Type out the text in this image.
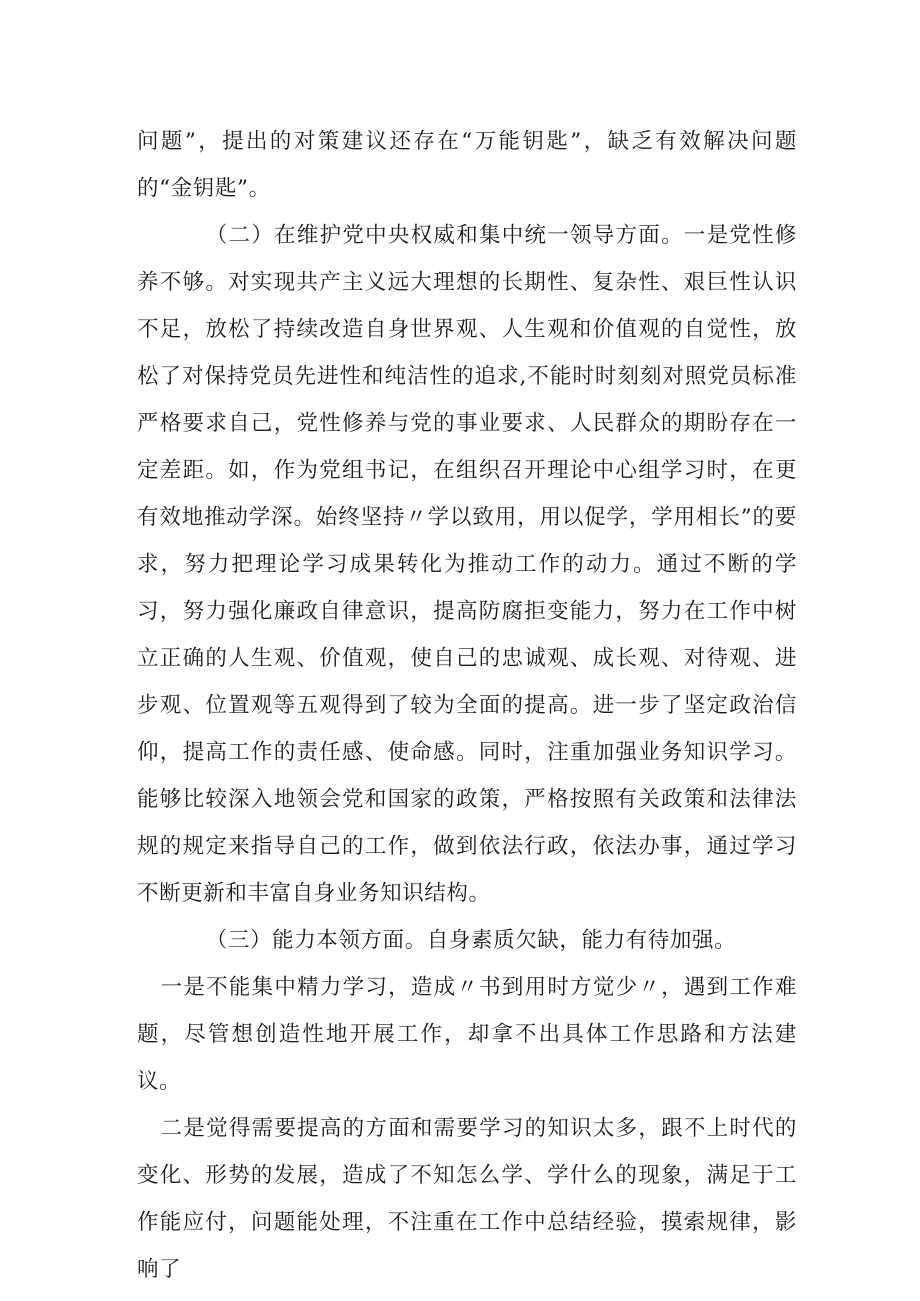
问题”，提出的对策建议还存在“万能钥匙”，缺乏有效解决问题的“金钥匙”。

（二）在维护党中央权威和集中统一领导方面。一是党性修养不够。对实现共产主义远大理想的长期性、复杂性、艰巨性认识不足，放松了持续改造自身世界观、人生观和价值观的自觉性，放松了对保持党员先进性和纯洁性的追求,不能时时刻刻对照党员标准严格要求自己，党性修养与党的事业要求、人民群众的期盼存在一定差距。如，作为党组书记，在组织召开理论中心组学习时，在更有效地推动学深。始终坚持〃学以致用，用以促学，学用相长”的要求，努力把理论学习成果转化为推动工作的动力。通过不断的学习，努力强化廉政自律意识，提高防腐拒变能力，努力在工作中树立正确的人生观、价值观，使自己的忠诚观、成长观、对待观、进步观、位置观等五观得到了较为全面的提高。进一步了坚定政治信仰，提高工作的责任感、使命感。同时，注重加强业务知识学习。能够比较深入地领会党和国家的政策，严格按照有关政策和法律法规的规定来指导自己的工作，做到依法行政，依法办事，通过学习不断更新和丰富自身业务知识结构。

（三）能力本领方面。自身素质欠缺，能力有待加强。

一是不能集中精力学习，造成〃书到用时方觉少〃，遇到工作难题，尽管想创造性地开展工作，却拿不出具体工作思路和方法建议。

二是觉得需要提高的方面和需要学习的知识太多，跟不上时代的变化、形势的发展，造成了不知怎么学、学什么的现象，满足于工作能应付，问题能处理，不注重在工作中总结经验，摸索规律，影响了
